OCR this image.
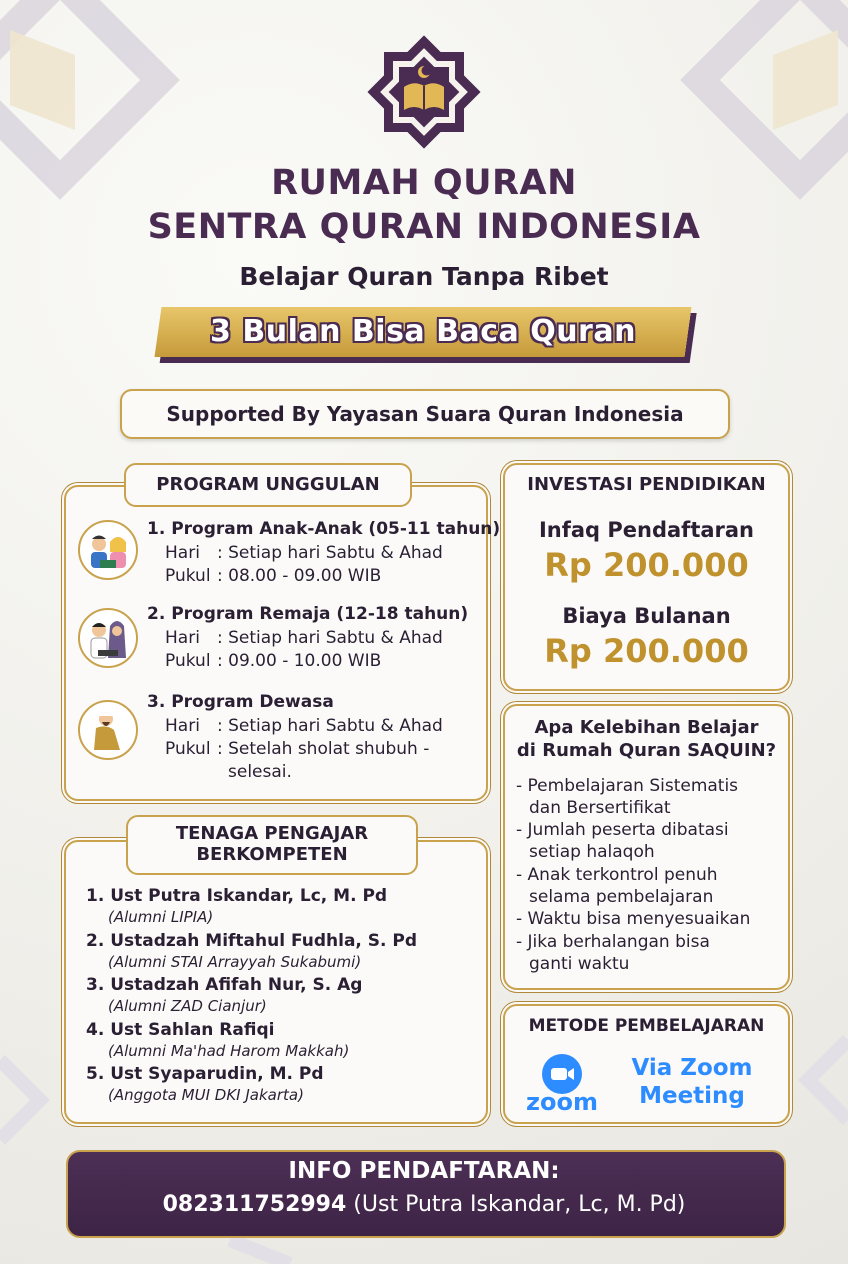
RUMAH QURAN
SENTRA QURAN INDONESIA
Belajar Quran Tanpa Ribet
3 Bulan Bisa Baca Quran
Supported By Yayasan Suara Quran Indonesia
PROGRAM UNGGULAN
1. Program Anak-Anak (05-11 tahun)
Hari : Setiap hari Sabtu & Ahad
Pukul : 08.00 - 09.00 WIB
2. Program Remaja (12-18 tahun)
Hari : Setiap hari Sabtu & Ahad
Pukul : 09.00 - 10.00 WIB
3. Program Dewasa
Hari : Setiap hari Sabtu & Ahad
Pukul : Setelah sholat shubuh -
selesai.
INVESTASI PENDIDIKAN
Infaq Pendaftaran
Rp 200.000
Biaya Bulanan
Rp 200.000
Apa Kelebihan Belajar
di Rumah Quran SAQUIN?
- Pembelajaran Sistematis
dan Bersertifikat
- Jumlah peserta dibatasi
setiap halaqoh
- Anak terkontrol penuh
selama pembelajaran
- Waktu bisa menyesuaikan
- Jika berhalangan bisa
ganti waktu
TENAGA PENGAJAR
BERKOMPETEN
1. Ust Putra Iskandar, Lc, M. Pd
(Alumni LIPIA)
2. Ustadzah Miftahul Fudhla, S. Pd
(Alumni STAI Arrayyah Sukabumi)
3. Ustadzah Afifah Nur, S. Ag
(Alumni ZAD Cianjur)
4. Ust Sahlan Rafiqi
(Alumni Ma'had Harom Makkah)
5. Ust Syaparudin, M. Pd
(Anggota MUI DKI Jakarta)
METODE PEMBELAJARAN
zoom
Via Zoom
Meeting
INFO PENDAFTARAN:
082311752994 (Ust Putra Iskandar, Lc, M. Pd)
